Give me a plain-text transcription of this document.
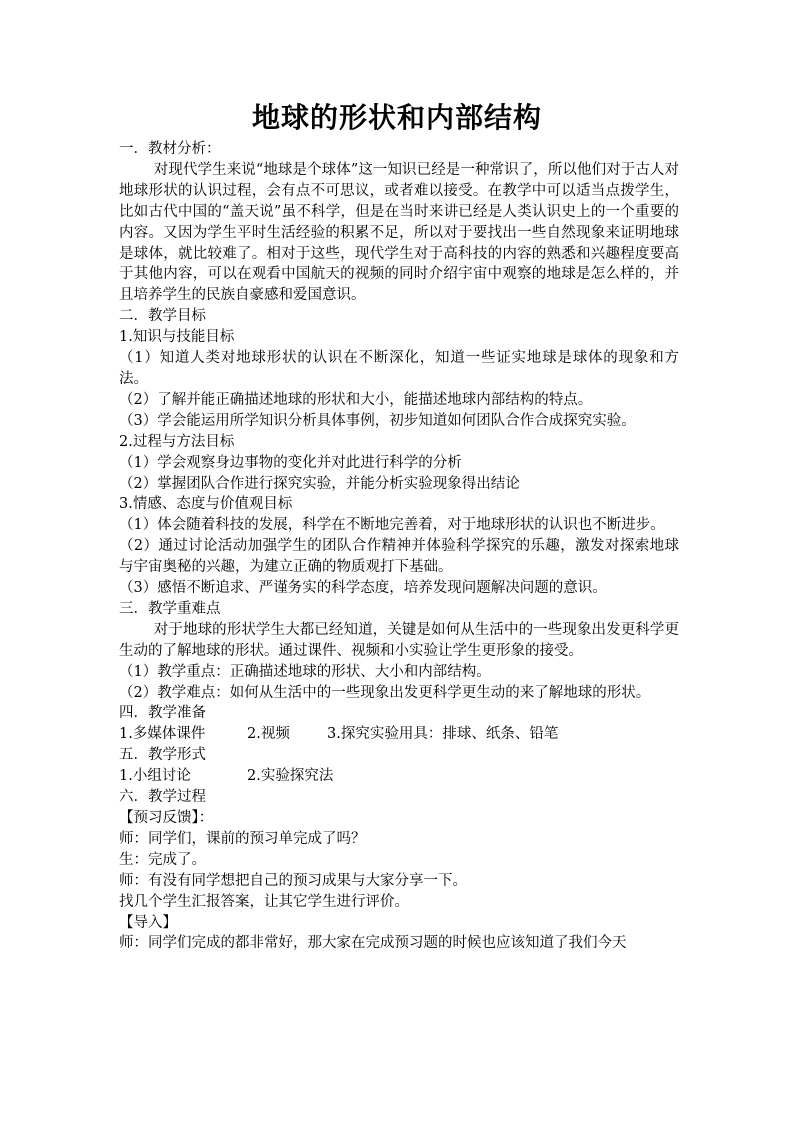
地球的形状和内部结构

一．教材分析：

对现代学生来说“地球是个球体”这一知识已经是一种常识了，所以他们对于古人对地球形状的认识过程，会有点不可思议，或者难以接受。在教学中可以适当点拨学生，比如古代中国的“盖天说”虽不科学，但是在当时来讲已经是人类认识史上的一个重要的内容。又因为学生平时生活经验的积累不足，所以对于要找出一些自然现象来证明地球是球体，就比较难了。相对于这些，现代学生对于高科技的内容的熟悉和兴趣程度要高于其他内容，可以在观看中国航天的视频的同时介绍宇宙中观察的地球是怎么样的，并且培养学生的民族自豪感和爱国意识。

二．教学目标

1.知识与技能目标

（1）知道人类对地球形状的认识在不断深化，知道一些证实地球是球体的现象和方法。

（2）了解并能正确描述地球的形状和大小，能描述地球内部结构的特点。

（3）学会能运用所学知识分析具体事例，初步知道如何团队合作合成探究实验。

2.过程与方法目标

（1）学会观察身边事物的变化并对此进行科学的分析

（2）掌握团队合作进行探究实验，并能分析实验现象得出结论

3.情感、态度与价值观目标

（1）体会随着科技的发展，科学在不断地完善着，对于地球形状的认识也不断进步。

（2）通过讨论活动加强学生的团队合作精神并体验科学探究的乐趣，激发对探索地球与宇宙奥秘的兴趣，为建立正确的物质观打下基础。

（3）感悟不断追求、严谨务实的科学态度，培养发现问题解决问题的意识。

三．教学重难点

对于地球的形状学生大都已经知道，关键是如何从生活中的一些现象出发更科学更生动的了解地球的形状。通过课件、视频和小实验让学生更形象的接受。

（1）教学重点：正确描述地球的形状、大小和内部结构。

（2）教学难点：如何从生活中的一些现象出发更科学更生动的来了解地球的形状。

四．教学准备

1.多媒体课件	2.视频	3.探究实验用具：排球、纸条、铅笔

五．教学形式

1.小组讨论	2.实验探究法

六．教学过程

【预习反馈】：

师：同学们，课前的预习单完成了吗？

生：完成了。

师：有没有同学想把自己的预习成果与大家分享一下。

找几个学生汇报答案，让其它学生进行评价。

【导入】

师：同学们完成的都非常好，那大家在完成预习题的时候也应该知道了我们今天
